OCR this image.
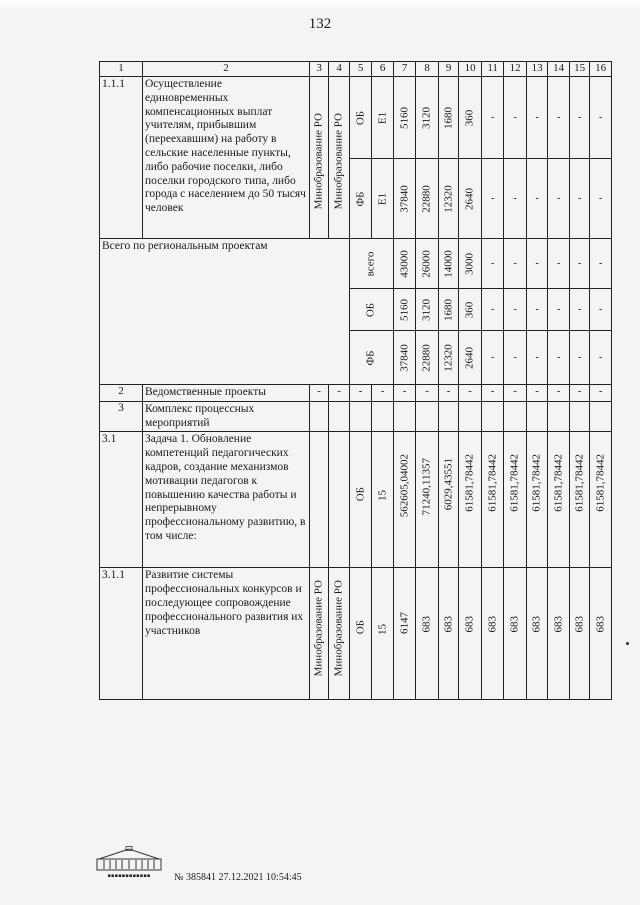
132
1	2	3	4	5	6	7	8	9	10	11	12	13	14	15	16

1.1.1	Осуществление единовременных компенсационных выплат учителям, прибывшим (переехавшим) на работу в сельские населенные пункты, либо рабочие поселки, либо поселки городского типа, либо города с населением до 50 тысяч человек	Минобразование РО	Минобразование РО	ОБ	Е1	5160	3120	1680	360	-	-	-	-	-	-

				ФБ	Е1	37840	22880	12320	2640	-	-	-	-	-	-

Всего по региональным проектам				всего		43000	26000	14000	3000	-	-	-	-	-	-

				ОБ		5160	3120	1680	360	-	-	-	-	-	-

				ФБ		37840	22880	12320	2640	-	-	-	-	-	-

2	Ведомственные проекты	-	-	-	-	-	-	-	-	-	-	-	-	-	-
3	Комплекс процессных мероприятий														

3.1	Задача 1. Обновление компетенций педагогических кадров, создание механизмов мотивации педагогов к повышению качества работы и непрерывному профессиональному развитию, в том числе:			ОБ	15	562605,04002	71240,11357	6029,43551	61581,78442	61581,78442	61581,78442	61581,78442	61581,78442	61581,78442	61581,78442

3.1.1	Развитие системы профессиональных конкурсов и последующее сопровождение профессионального развития их участников	Минобразование РО	Минобразование РО	ОБ	15	6147	683	683	683	683	683	683	683	683	683
▪▪▪▪▪▪▪▪▪▪▪▪	№ 385841 27.12.2021 10:54:45
